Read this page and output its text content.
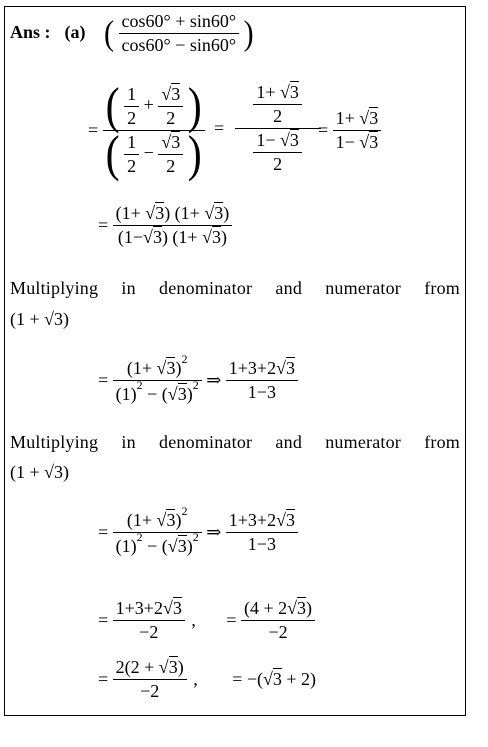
Ans : (a) ( $\frac{\cos 60^\circ + \sin 60^\circ}{\cos 60^\circ - \sin 60^\circ}$ )
= $\frac{( \frac{1}{2} + \frac{√3}{2} )}{( \frac{1}{2} - \frac{√3}{2} )} = \frac{\frac{1+ √3}{2}}{\frac{1- √3}{2}}$
= $\frac{1+ √3}{1- √3}$
= $\frac{(1+ √3) (1+ √3)}{(1-√3) (1+ √3)}$
Multiplying in denominator and numerator from
(1 + √3)
= $\frac{(1+ √3)^2}{(1)^2 - (√3)^2}$ ⇒ $\frac{1+3+2√3}{1-3}$
Multiplying in denominator and numerator from
(1 + √3)
= $\frac{(1+ √3)^2}{(1)^2 - (√3)^2}$ ⇒ $\frac{1+3+2√3}{1-3}$
= $\frac{1+3+2√3}{-2}$ , = $\frac{(4 + 2√3)}{-2}$
= $\frac{2(2 + √3)}{-2}$ , = −(√3 + 2)
